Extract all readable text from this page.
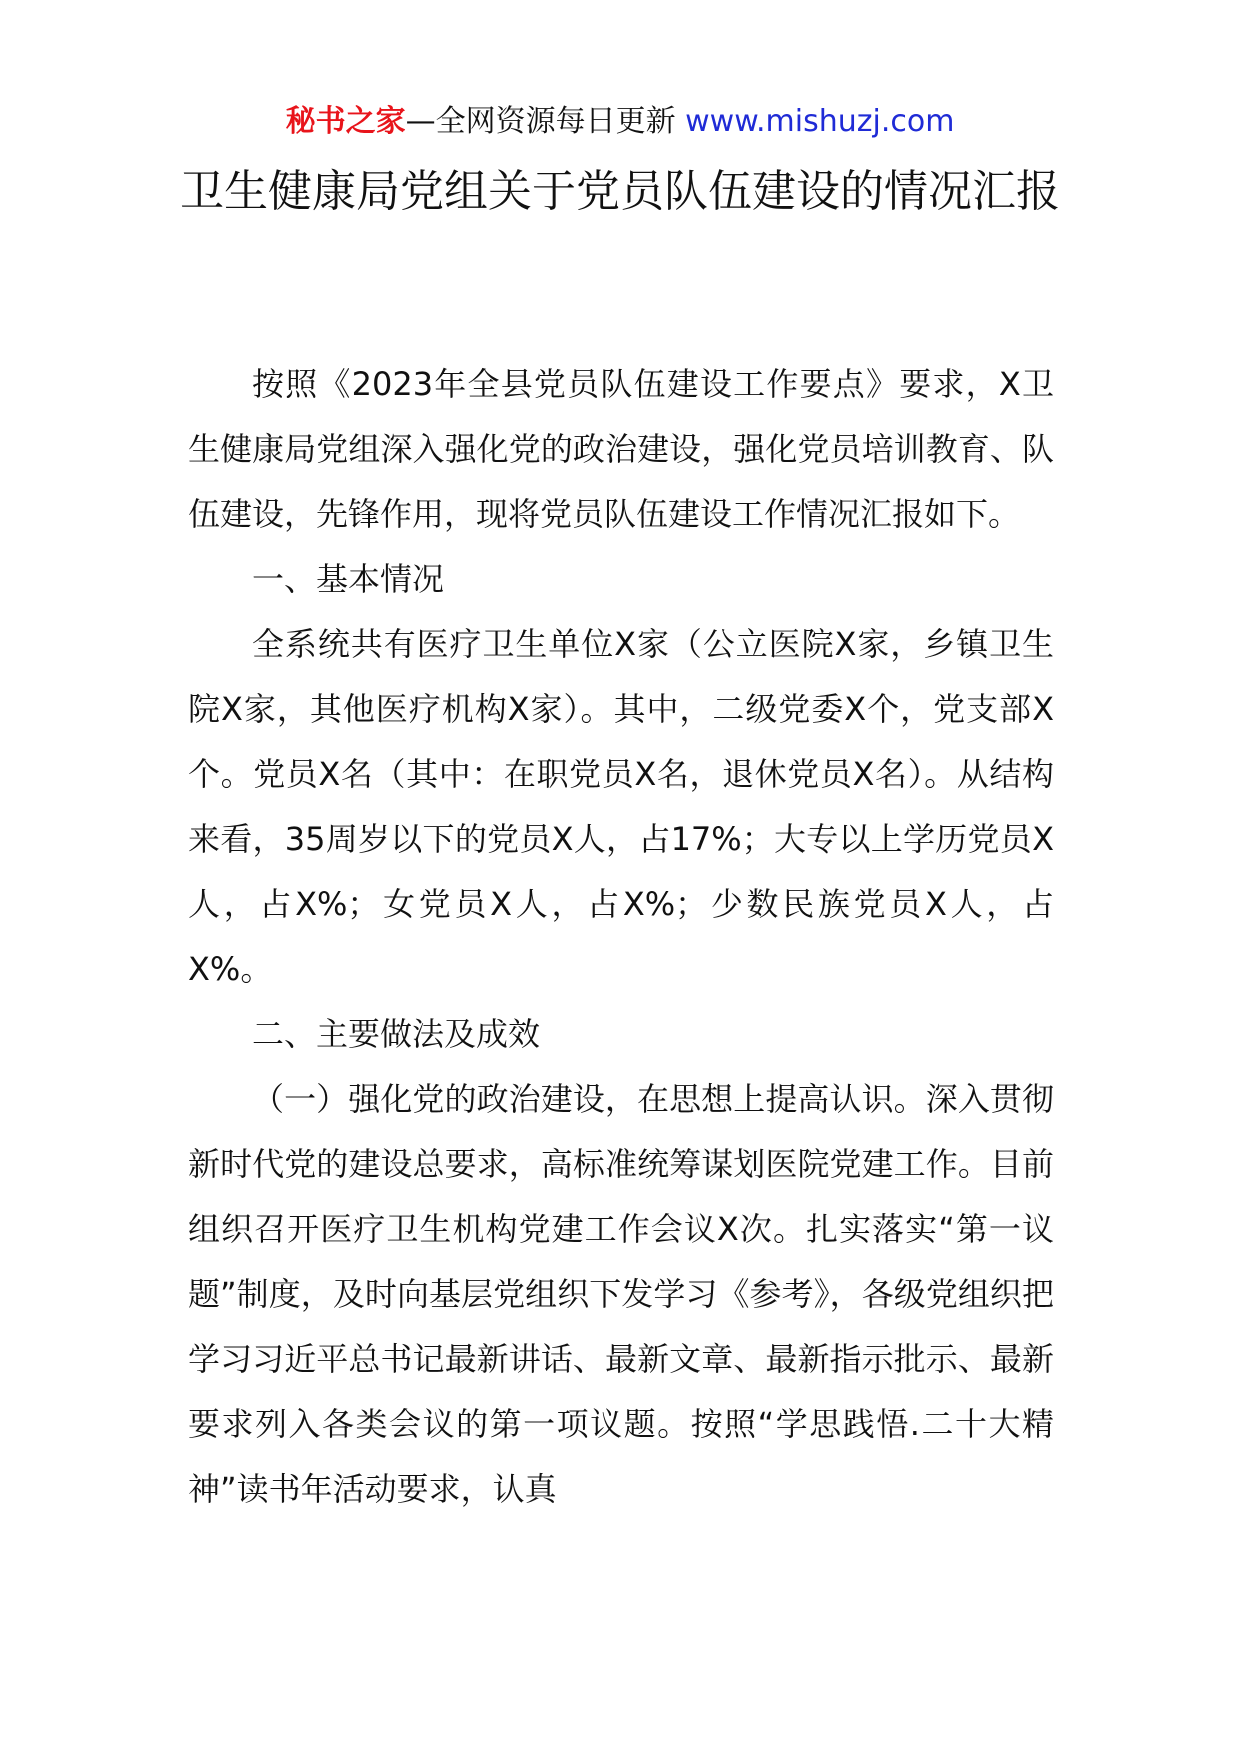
秘书之家—全网资源每日更新 www.mishuzj.com
卫生健康局党组关于党员队伍建设的情况汇报

按照《2023年全县党员队伍建设工作要点》要求，X卫生健康局党组深入强化党的政治建设，强化党员培训教育、队伍建设，先锋作用，现将党员队伍建设工作情况汇报如下。

一、基本情况

全系统共有医疗卫生单位X家（公立医院X家，乡镇卫生院X家，其他医疗机构X家）。其中，二级党委X个，党支部X个。党员X名（其中：在职党员X名，退休党员X名）。从结构来看，35周岁以下的党员X人，占17%；大专以上学历党员X人，占X%；女党员X人，占X%；少数民族党员X人，占X%。

二、主要做法及成效

（一）强化党的政治建设，在思想上提高认识。深入贯彻新时代党的建设总要求，高标准统筹谋划医院党建工作。目前组织召开医疗卫生机构党建工作会议X次。扎实落实“第一议题”制度，及时向基层党组织下发学习《参考》，各级党组织把学习习近平总书记最新讲话、最新文章、最新指示批示、最新要求列入各类会议的第一项议题。按照“学思践悟.二十大精神”读书年活动要求，认真
